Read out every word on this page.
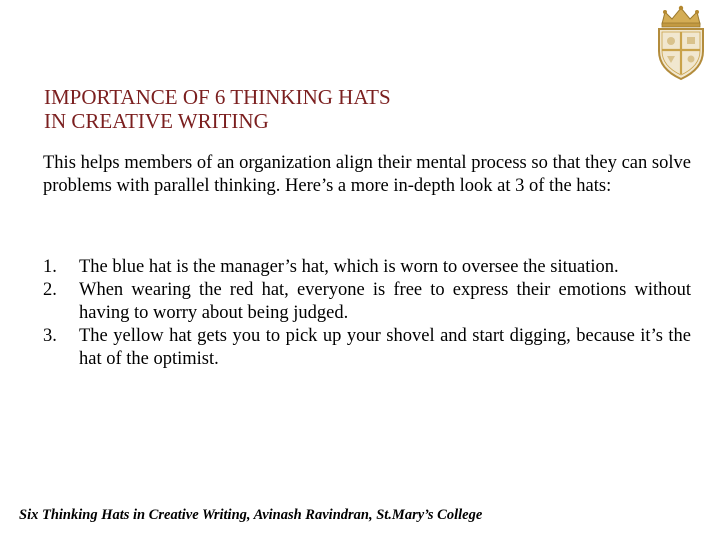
IMPORTANCE OF 6 THINKING HATS
IN CREATIVE WRITING

This helps members of an organization align their mental process so that they can solve problems with parallel thinking. Here’s a more in-depth look at 3 of the hats:

1. The blue hat is the manager’s hat, which is worn to oversee the situation.
2. When wearing the red hat, everyone is free to express their emotions without having to worry about being judged.
3. The yellow hat gets you to pick up your shovel and start digging, because it’s the hat of the optimist.

Six Thinking Hats in Creative Writing, Avinash Ravindran, St.Mary’s College
